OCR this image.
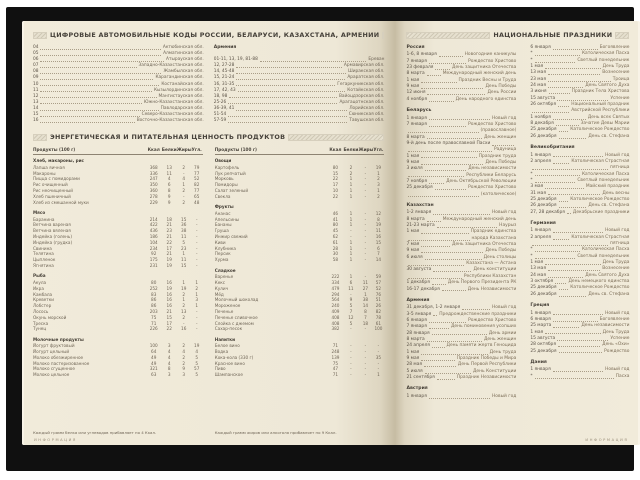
ЦИФРОВЫЕ АВТОМОБИЛЬНЫЕ КОДЫ РОССИИ, БЕЛАРУСИ, КАЗАХСТАНА, АРМЕНИИ
04	Актюбинская обл.
05	Алматинская обл.
06	Атырауская обл.
07	Западно-Казахстанская обл.
08	Жамбылская обл.
09	Карагандинская обл.
10	Костанайская обл.
11	Кызылординская обл.
12	Мангистауская обл.
13	Южно-Казахстанская обл.
14	Павлодарская обл.
15	Северо-Казахстанская обл.
16	Восточно-Казахстанская обл.
Армения
01-11, 13, 19, 81-88	Ереван
12, 27-28	Армавирская обл.
14, 45-48	Ширакская обл.
15, 21-24	Араратская обл.
16, 31-35	Гегаркуникская обл.
17, 42, 43	Котайкская обл.
18, 98	Вайоцдзорская обл.
25-26	Арагацотнская обл.
36-39, 41	Лорийская обл.
51-54	Сюникская обл.
57-59	Тавушская обл.
ЭНЕРГЕТИЧЕСКАЯ И ПИТАТЕЛЬНАЯ ЦЕННОСТЬ ПРОДУКТОВ
Продукты (100 г)	Ккал Белки Жиры Угл.
Хлеб, макароны, рис
Лапша яичная	368	13	2	79
Макароны	336	11	-	77
Пицца с помидорами	247	4	4	52
Рис очищенный	350	6	1	82
Рис неочищенный	360	8	2	77
Хлеб пшеничный	278	9	-	65
Хлеб из смешанной муки	229	9	2	48
Мясо
Баранина	214	18	15	-
Ветчина вареная	422	21	36	-
Ветчина вяленая	436	23	38	-
Индейка (голень)	186	21	11	-
Индейка (грудка)	104	22	5	-
Свинина	234	17	23	-
Телятина	92	21	1	-
Цыпленок	175	19	11	-
Ягнятина	231	19	15	-
Рыба
Акула	80	16	1	1
Икра	252	19	19	2
Камбала	83	16	2	1
Креветки	86	16	1	3
Лобстер	86	16	2	1
Лосось	203	21	13	-
Окунь морской	75	15	2	-
Треска	71	17	-	-
Тунец	226	22	16	-
Молочные продукты
Йогурт фруктовый	100	3	2	19
Йогурт цельный	64	4	4	4
Молоко обезжиренное	49	4	2	5
Молоко пастеризованное	49	4	2	5
Молоко сгущенное	321	8	9	57
Молоко цельное	63	3	3	5
Продукты (100 г)	Ккал Белки Жиры Угл.
Овощи
Картофель	80	2	-	19
Лук репчатый	15	2	-	1
Морковь	22	1	-	2
Помидоры	17	1	-	3
Салат зеленый	10	1	-	1
Свекла	22	1	-	2
Фрукты
Ананас	46	1	-	12
Апельсины	41	1	-	8
Бананы	80	1	-	19
Груша	45	-	-	11
Инжир свежий	62	-	-	16
Киви	61	1	-	15
Клубника	28	1	-	6
Персик	30	1	-	7
Хурма	58	1	-	14
Сладкое
Варенье	222	1	-	59
Кекс	334	6	11	57
Кулич	479	11	27	52
Мёд	294	-	1	76
Молочный шоколад	564	9	38	51
Мороженое	240	5	14	26
Печенье	409	7	8	82
Печенье сливочное	408	12	7	78
Слойка с джемом	408	5	18	61
Сахар-песок	382	-	-	100
Напитки
Белое вино	71	-	-	-
Водка	248	-	-	-
Кока-кола (330 г)	139	-	-	35
Красное вино	75	-	-	-
Пиво	47	-	-	-
Шампанское	71	-	-	1
Каждый грамм белка или углеводов прибавляет по 4 Ккал.	Каждый грамм жиров или алкоголя прибавляет по 9 Ккал.
ИНФОРМАЦИЯ
НАЦИОНАЛЬНЫЕ ПРАЗДНИКИ
Россия
1-6, 8 января	Новогодние каникулы
7 января	Рождество Христово
23 февраля	День защитника Отечества
8 марта	Международный женский день
1 мая	Праздник Весны и Труда
9 мая	День Победы
12 июня	День России
4 ноября	День народного единства
Беларусь
1 января	Новый год
7 января	Рождество Христово
(православное)
8 марта	День женщин
9-й день после православной Пасхи
Радуница
1 мая	Праздник труда
9 мая	День Победы
3 июля	День независимости
Республики Беларусь
7 ноября	День Октябрьской Революции
25 декабря	Рождество Христово
(католическое)
Казахстан
1-2 января	Новый год
8 марта	Международный женский день
21-23 марта	Наурыз
1 мая	Праздник единства
народа Казахстана
7 мая	День защитника Отечества
9 мая	День Победы
6 июля	День столицы
Казахстана — Астана
30 августа	День конституции
Республики Казахстан
1 декабря	День Первого Президента РК
16-17 декабря	День Независимости
Армения
31 декабря, 1-2 января	Новый год
3-5 января Предрождественские праздники
6 января	Рождество Христово
7 января	День поминовения усопших
28 января	День армии
8 марта	День женщин
24 апреля	День памяти жертв Геноцида
1 мая	День труда
9 мая	Праздник Победы и Мира
28 мая	День Первой Республики
5 июля	День Конституции
21 сентября	Праздник Независимости
Австрия
1 января	Новый год
6 января	Богоявление
*	Католическая Пасха
*	Светлый понедельник
1 мая	День Труда
13 мая	Вознесение
23 мая	Троица
24 мая	День Святого Духа
3 июня	Праздник Тела Христова
15 августа	Успение
26 октября	Национальный праздник
Австрийской Республики
1 ноября	День всех Святых
8 декабря	Зачатие Девы Марии
25 декабря	Католическое Рождество
26 декабря	День св. Стефана
Великобритания
1 января	Новый год
2 апреля	Католическая Страстная
пятница
*	Католическая Пасха
*	Светлый понедельник
3 мая	Майский праздник
31 мая	День весны
25 декабря	Католическое Рождество
26 декабря	День св. Стефана
27, 28 декабря Декабрьские праздники
Германия
1 января	Новый год
2 апреля	Католическая Страстная
пятница
*	Католическая Пасха
*	Светлый понедельник
1 мая	День Труда
13 мая	Вознесение
24 мая	День Святого Духа
3 октября	День немецкого единства
25 декабря	Католическое Рождество
26 декабря	День св. Стефана
Греция
1 января	Новый год
6 января	Богоявление
25 марта	День независимости
1 мая	День Труда
15 августа	Успение
28 октября	День «Охи»
25 декабря	Рождество
Дания
1 января	Новый год
*	Пасха
ИНФОРМАЦИЯ
